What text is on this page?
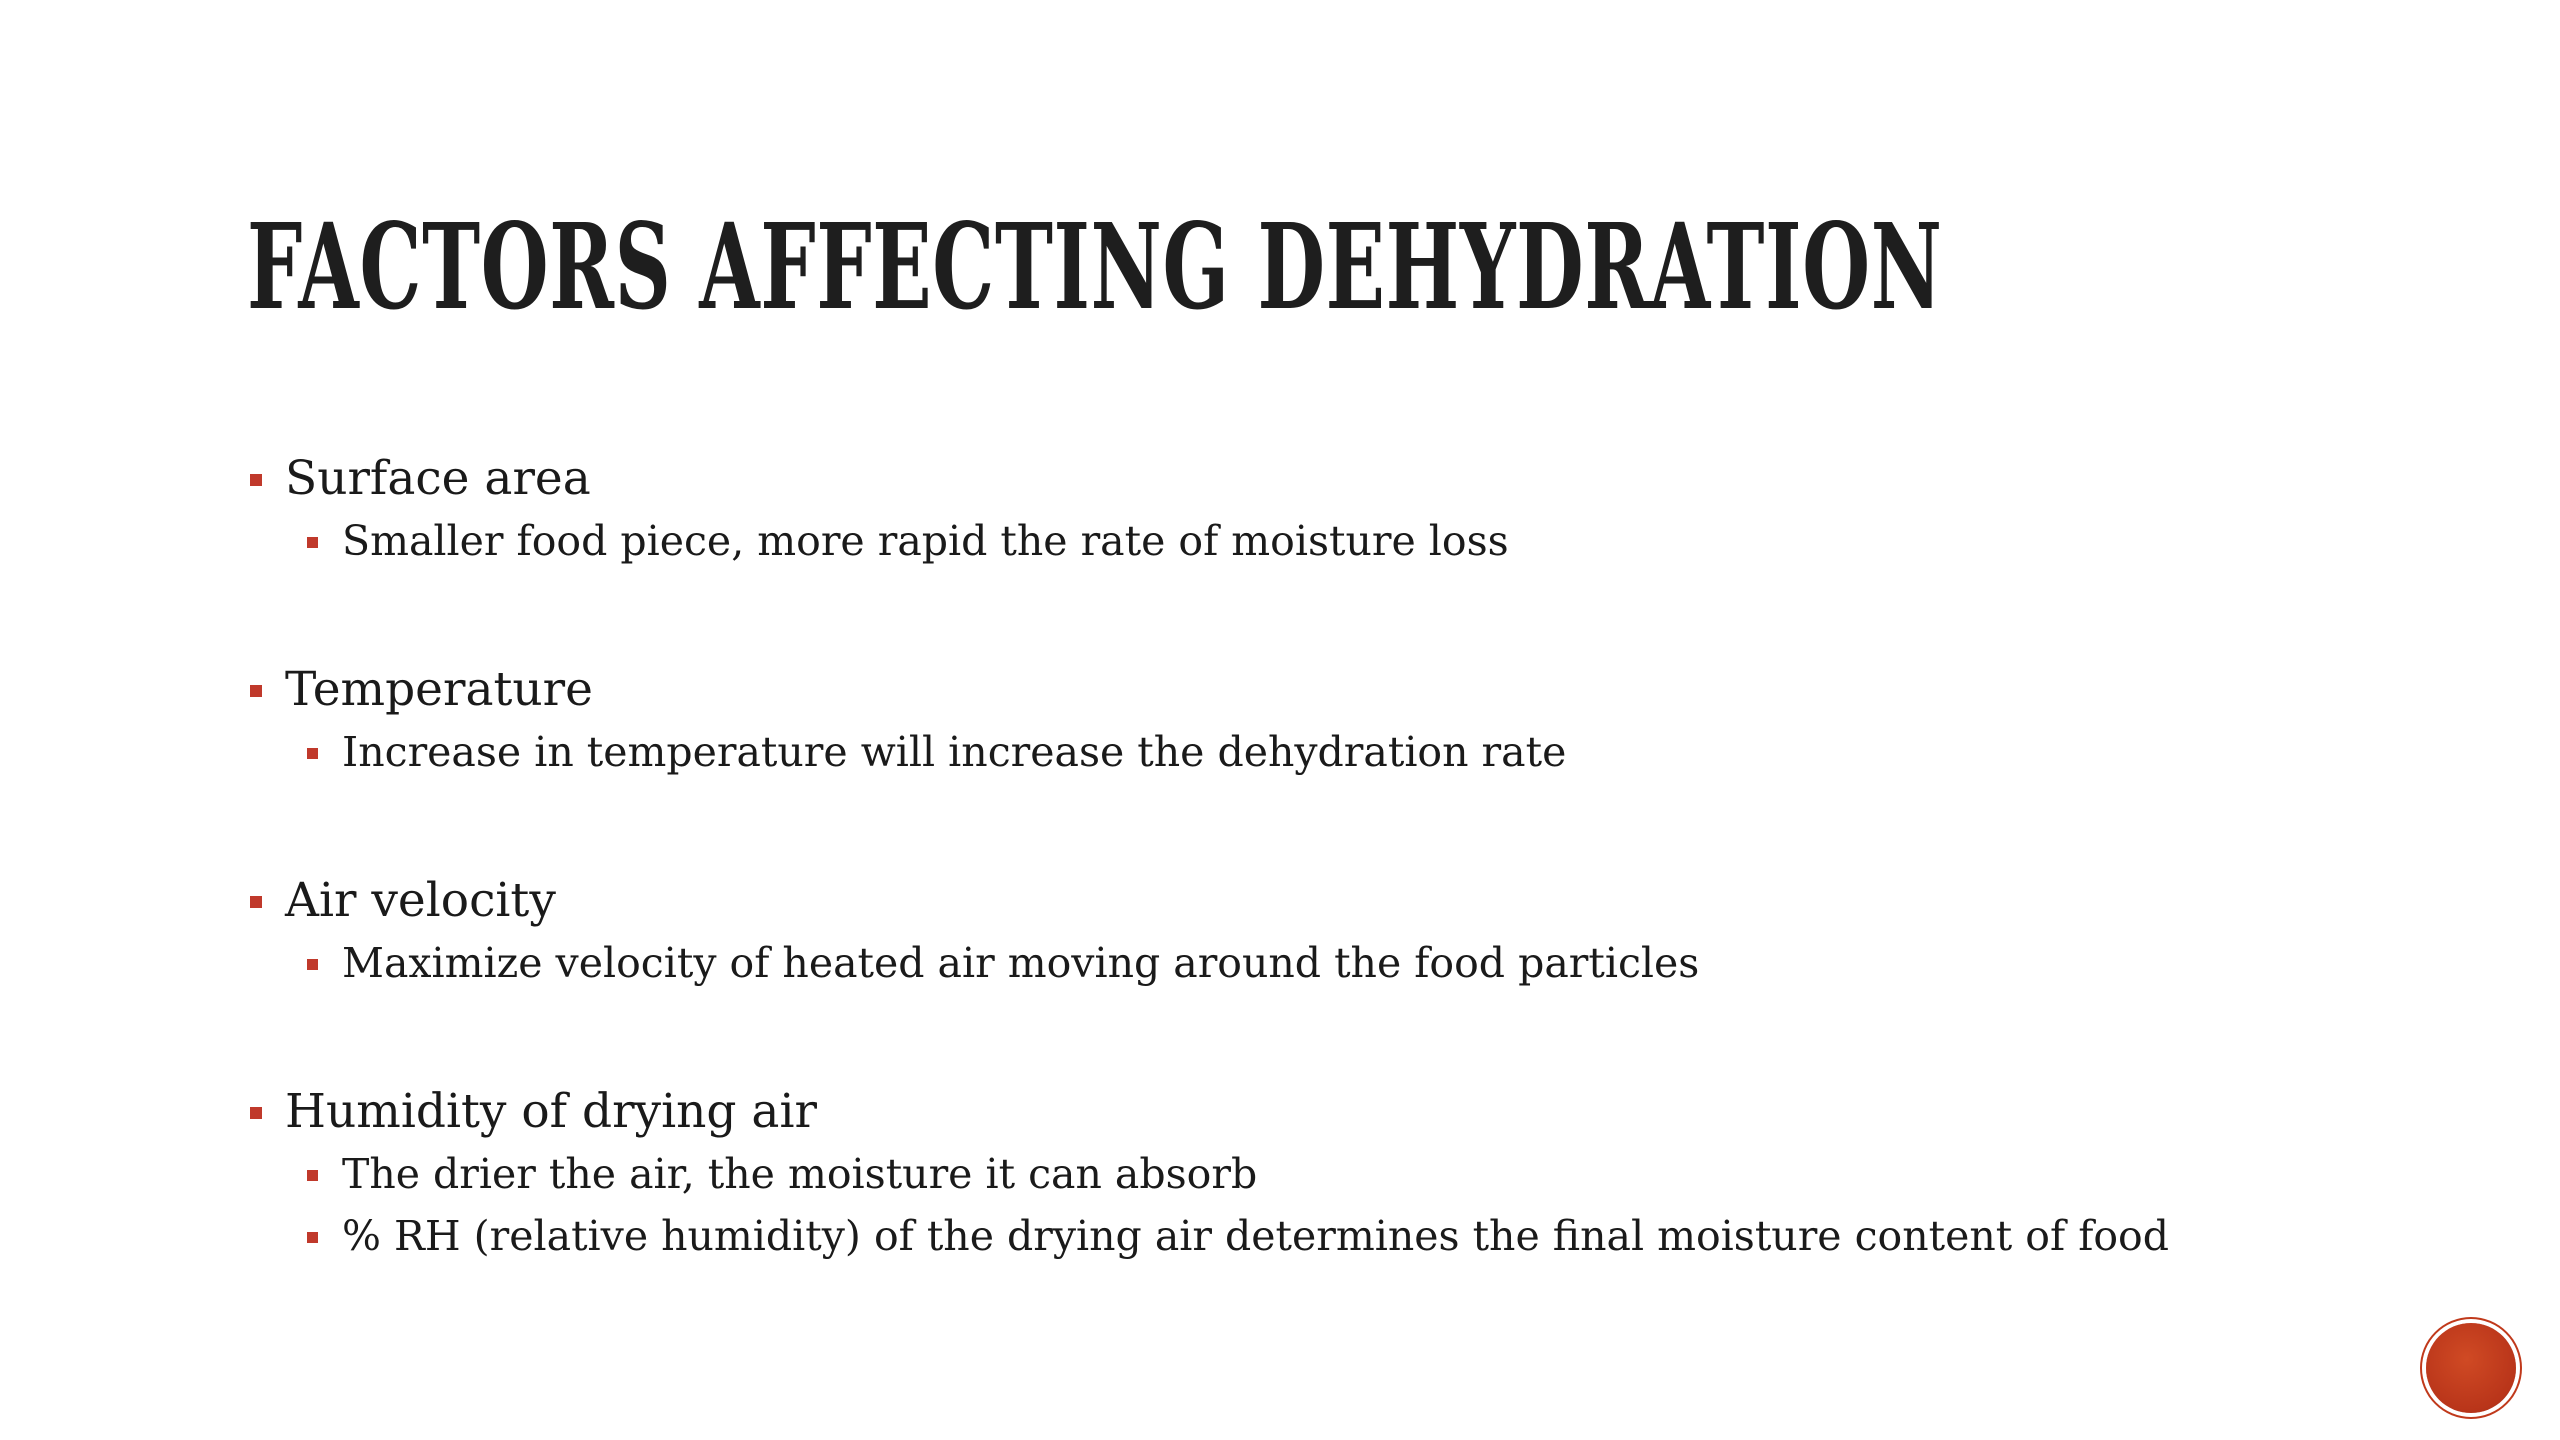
FACTORS AFFECTING DEHYDRATION
Surface area
Smaller food piece, more rapid the rate of moisture loss
Temperature
Increase in temperature will increase the dehydration rate
Air velocity
Maximize velocity of heated air moving around the food particles
Humidity of drying air
The drier the air, the moisture it can absorb
% RH (relative humidity) of the drying air determines the final moisture content of food
